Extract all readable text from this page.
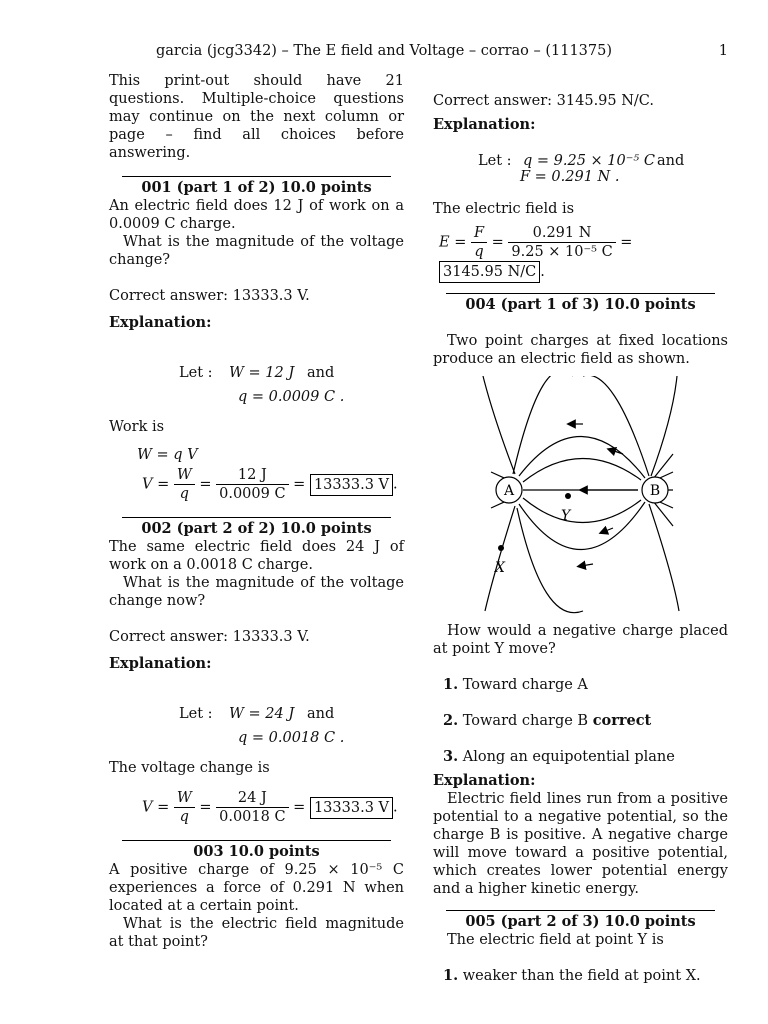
garcia (jcg3342) – The E field and Voltage – corrao – (111375)	1

This print-out should have 21 questions. Multiple-choice questions may continue on the next column or page – find all choices before answering.

001 (part 1 of 2) 10.0 points

An electric field does 12 J of work on a 0.0009 C charge.

What is the magnitude of the voltage change?

Correct answer: 13333.3 V.

Explanation:

Let : W = 12 J and
q = 0.0009 C .

Work is

W = q V
$V = \frac{W}{q} = \frac{12 J}{0.0009 C} = 13333.3$ V .
002 (part 2 of 2) 10.0 points

The same electric field does 24 J of work on a 0.0018 C charge.

What is the magnitude of the voltage change now?

Correct answer: 13333.3 V.

Explanation:

Let : W = 24 J and
q = 0.0018 C .

The voltage change is

$V = \frac{W}{q} = \frac{24 J}{0.0018 C} = 13333.3$ V .
003 10.0 points

A positive charge of 9.25 × 10⁻⁵ C experiences a force of 0.291 N when located at a certain point.

What is the electric field magnitude at that point?

Correct answer: 3145.95 N/C.

Explanation:

Let : q = 9.25 × 10⁻⁵ C and
F = 0.291 N .

The electric field is

$E = \frac{F}{q} = \frac{0.291 N}{\text{9.25 × 10⁻⁵ C}} = 3145.95$ N/C .
004 (part 1 of 3) 10.0 points

Two point charges at fixed locations produce an electric field as shown.

A	B
Y
X

How would a negative charge placed at point Y move?

1. Toward charge A
2. Toward charge B correct
3. Along an equipotential plane

Explanation:

Electric field lines run from a positive potential to a negative potential, so the charge B is positive. A negative charge will move toward a positive potential, which creates lower potential energy and a higher kinetic energy.

005 (part 2 of 3) 10.0 points

The electric field at point Y is

1. weaker than the field at point X.
